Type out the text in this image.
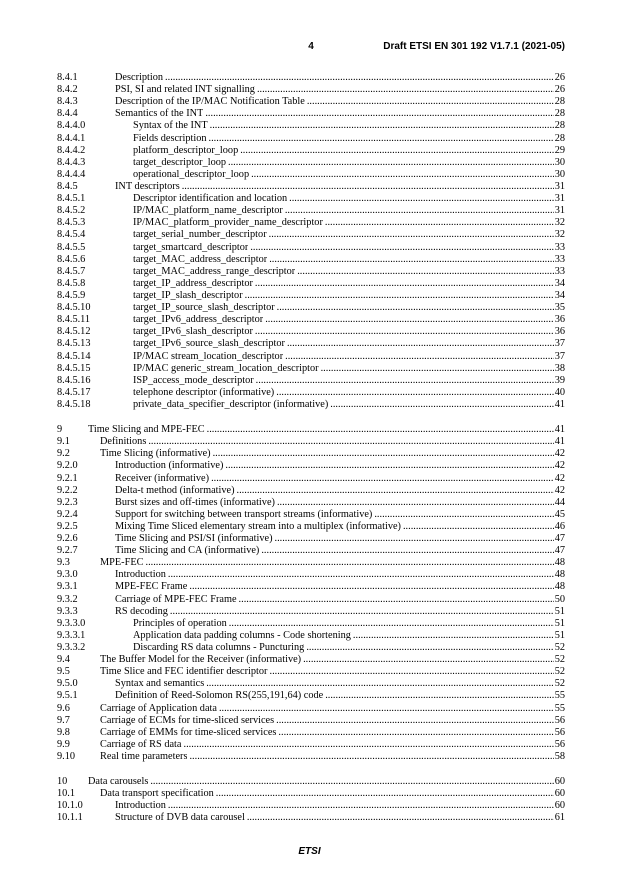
4	Draft ETSI EN 301 192 V1.7.1 (2021-05)
8.4.1	Description .....	26
8.4.2	PSI, SI and related INT signalling .....	26
8.4.3	Description of the IP/MAC Notification Table .....	28
8.4.4	Semantics of the INT .....	28
8.4.4.0	Syntax of the INT .....	28
8.4.4.1	Fields description .....	28
8.4.4.2	platform_descriptor_loop .....	29
8.4.4.3	target_descriptor_loop .....	30
8.4.4.4	operational_descriptor_loop .....	30
8.4.5	INT descriptors .....	31
8.4.5.1	Descriptor identification and location .....	31
8.4.5.2	IP/MAC_platform_name_descriptor .....	31
8.4.5.3	IP/MAC_platform_provider_name_descriptor .....	32
8.4.5.4	target_serial_number_descriptor .....	32
8.4.5.5	target_smartcard_descriptor .....	33
8.4.5.6	target_MAC_address_descriptor .....	33
8.4.5.7	target_MAC_address_range_descriptor .....	33
8.4.5.8	target_IP_address_descriptor .....	34
8.4.5.9	target_IP_slash_descriptor .....	34
8.4.5.10	target_IP_source_slash_descriptor .....	35
8.4.5.11	target_IPv6_address_descriptor .....	36
8.4.5.12	target_IPv6_slash_descriptor .....	36
8.4.5.13	target_IPv6_source_slash_descriptor .....	37
8.4.5.14	IP/MAC stream_location_descriptor .....	37
8.4.5.15	IP/MAC generic_stream_location_descriptor .....	38
8.4.5.16	ISP_access_mode_descriptor .....	39
8.4.5.17	telephone descriptor (informative) .....	40
8.4.5.18	private_data_specifier_descriptor (informative) .....	41
9	Time Slicing and MPE-FEC .....	41
9.1	Definitions .....	41
9.2	Time Slicing (informative) .....	42
9.2.0	Introduction (informative) .....	42
9.2.1	Receiver (informative) .....	42
9.2.2	Delta-t method (informative) .....	42
9.2.3	Burst sizes and off-times (informative) .....	44
9.2.4	Support for switching between transport streams (informative) .....	45
9.2.5	Mixing Time Sliced elementary stream into a multiplex (informative) .....	46
9.2.6	Time Slicing and PSI/SI (informative) .....	47
9.2.7	Time Slicing and CA (informative) .....	47
9.3	MPE-FEC .....	48
9.3.0	Introduction .....	48
9.3.1	MPE-FEC Frame .....	48
9.3.2	Carriage of MPE-FEC Frame .....	50
9.3.3	RS decoding .....	51
9.3.3.0	Principles of operation .....	51
9.3.3.1	Application data padding columns - Code shortening .....	51
9.3.3.2	Discarding RS data columns - Puncturing .....	52
9.4	The Buffer Model for the Receiver (informative) .....	52
9.5	Time Slice and FEC identifier descriptor .....	52
9.5.0	Syntax and semantics .....	52
9.5.1	Definition of Reed-Solomon RS(255,191,64) code .....	55
9.6	Carriage of Application data .....	55
9.7	Carriage of ECMs for time-sliced services .....	56
9.8	Carriage of EMMs for time-sliced services .....	56
9.9	Carriage of RS data .....	56
9.10	Real time parameters .....	58
10	Data carousels .....	60
10.1	Data transport specification .....	60
10.1.0	Introduction .....	60
10.1.1	Structure of DVB data carousel .....	61
ETSI
